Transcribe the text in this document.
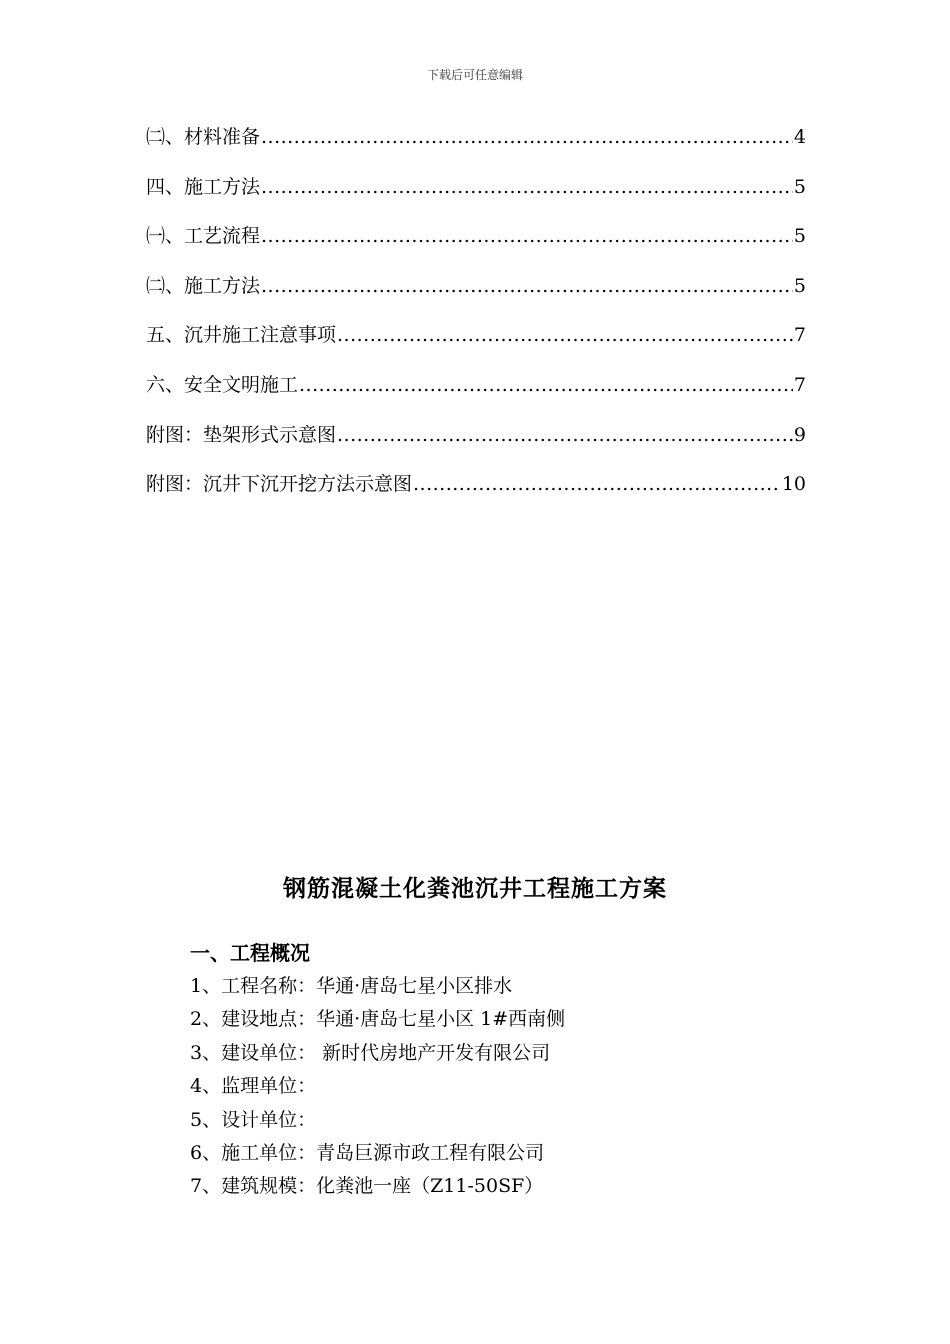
下载后可任意编辑
㈡、材料准备 .....	4
四、施工方法 .....	5
㈠、工艺流程 .....	5
㈡、施工方法 .....	5
五、沉井施工注意事项 .....	7
六、安全文明施工 .....	7
附图：垫架形式示意图 .....	9
附图：沉井下沉开挖方法示意图 .....	10
钢筋混凝土化粪池沉井工程施工方案
一、工程概况
1、工程名称：华通·唐岛七星小区排水
2、建设地点：华通·唐岛七星小区 1#西南侧
3、建设单位： 新时代房地产开发有限公司
4、监理单位：
5、设计单位：
6、施工单位：青岛巨源市政工程有限公司
7、建筑规模：化粪池一座（Z11-50SF）
